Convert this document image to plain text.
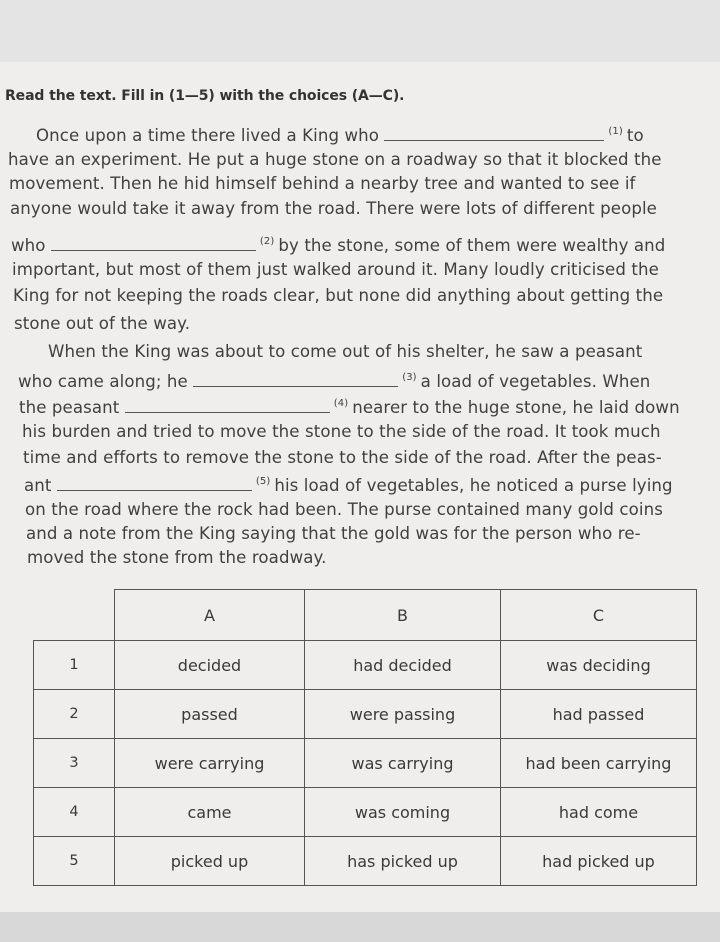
Read the text. Fill in (1—5) with the choices (A—C).
Once upon a time there lived a King who	$^{(1)}$ to
have an experiment. He put a huge stone on a roadway so that it blocked the
movement. Then he hid himself behind a nearby tree and wanted to see if
anyone would take it away from the road. There were lots of different people
who	$^{(2)}$ by the stone, some of them were wealthy and
important, but most of them just walked around it. Many loudly criticised the
King for not keeping the roads clear, but none did anything about getting the
stone out of the way.
When the King was about to come out of his shelter, he saw a peasant
who came along; he	$^{(3)}$ a load of vegetables. When
the peasant	$^{(4)}$ nearer to the huge stone, he laid down
his burden and tried to move the stone to the side of the road. It took much
time and efforts to remove the stone to the side of the road. After the peas-
ant	$^{(5)}$ his load of vegetables, he noticed a purse lying
on the road where the rock had been. The purse contained many gold coins
and a note from the King saying that the gold was for the person who re-
moved the stone from the roadway.
	A	B	C
1	decided	had decided	was deciding
2	passed	were passing	had passed
3	were carrying	was carrying	had been carrying
4	came	was coming	had come
5	picked up	has picked up	had picked up
